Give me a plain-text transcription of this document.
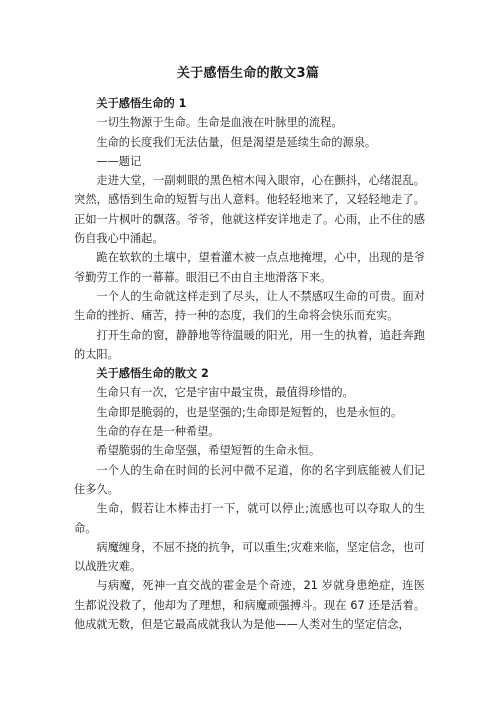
关于感悟生命的散文3篇

关于感悟生命的 1

一切生物源于生命。生命是血液在叶脉里的流程。

生命的长度我们无法估量，但是渴望是延续生命的源泉。

——题记

走进大堂，一副刺眼的黑色棺木闯入眼帘，心在颤抖，心绪混乱。突然，感悟到生命的短暂与出人意料。他轻轻地来了，又轻轻地走了。正如一片枫叶的飘落。爷爷，他就这样安详地走了。心雨，止不住的感伤自我心中涌起。

跪在软软的土壤中，望着灌木被一点点地掩埋，心中，出现的是爷爷勤劳工作的一幕幕。眼泪已不由自主地滑落下来。

一个人的生命就这样走到了尽头，让人不禁感叹生命的可贵。面对生命的挫折、痛苦，持一种的态度，我们的生命将会快乐而充实。

打开生命的窗，静静地等待温暖的阳光，用一生的执着，追赶奔跑的太阳。

关于感悟生命的散文 2

生命只有一次，它是宇宙中最宝贵，最值得珍惜的。

生命即是脆弱的，也是坚强的;生命即是短暂的，也是永恒的。

生命的存在是一种希望。

希望脆弱的生命坚强，希望短暂的生命永恒。

一个人的生命在时间的长河中微不足道，你的名字到底能被人们记住多久。

生命，假若让木棒击打一下，就可以停止;流感也可以夺取人的生命。

病魔缠身，不屈不挠的抗争，可以重生;灾难来临，坚定信念，也可以战胜灾难。

与病魔，死神一直交战的霍金是个奇迹，21 岁就身患绝症，连医生都说没救了，他却为了理想，和病魔顽强搏斗。现在 67 还是活着。他成就无数，但是它最高成就我认为是他——人类对生的坚定信念，
